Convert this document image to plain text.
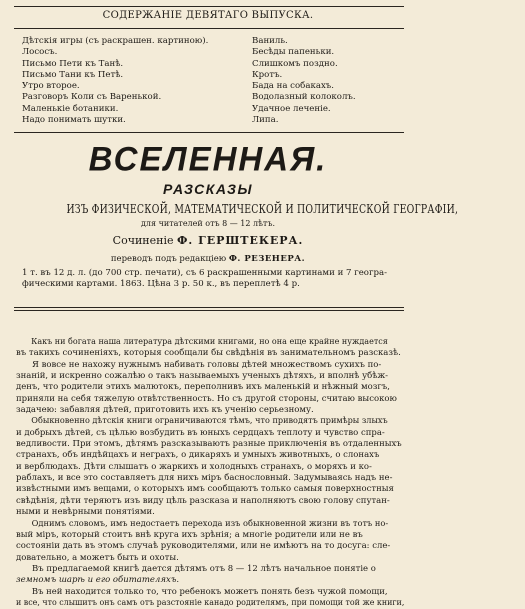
СОДЕРЖАНІЕ ДЕВЯТАГО ВЫПУСКА.
Дѣтскія игры (съ раскрашен. картиною).
Лососъ.
Письмо Пети къ Танѣ.
Письмо Тани къ Петѣ.
Утро второе.
Разговоръ Коли съ Варенькой.
Маленькіе ботаники.
Надо понимать шутки.
Ваниль.
Бесѣды папеньки.
Слишкомъ поздно.
Кротъ.
Бада на собакахъ.
Водолазный колоколъ.
Удачное леченіе.
Липа.
ВСЕЛЕННАЯ.
РАЗСКАЗЫ
ИЗЪ ФИЗИЧЕСКОЙ, МАТЕМАТИЧЕСКОЙ И ПОЛИТИЧЕСКОЙ ГЕОГРАФІИ,
для читателей отъ 8 — 12 лѣтъ.
Сочиненіе Ф. ГЕРШТЕКЕРА.
переводъ подъ редакціею Ф. РЕЗЕНЕРА.
1 т. въ 12 д. л. (до 700 стр. печати), съ 6 раскрашенными картинами и 7 геогра-
фическими картами. 1863. Цѣна 3 р. 50 к., въ переплетѣ 4 р.

Какъ ни богата наша литература дѣтскими книгами, но она еще крайне нуждается

въ такихъ сочиненіяхъ, которыя сообщали бы свѣдѣнія въ занимательномъ разсказѣ.

Я вовсе не нахожу нужнымъ набивать головы дѣтей множествомъ сухихъ по-

знаній, и искренно сожалѣю о такъ называемыхъ ученыхъ дѣтяхъ, и вполнѣ убѣж-

денъ, что родители этихъ малютокъ, переполнивъ ихъ маленькій и нѣжный мозгъ,

приняли на себя тяжелую отвѣтственность. Но съ другой стороны, считаю высокою

задачею: забавляя дѣтей, приготовить ихъ къ ученію серьезному.

Обыкновенно дѣтскія книги ограничиваются тѣмъ, что приводятъ примѣры злыхъ

и добрыхъ дѣтей, съ цѣлью возбудить въ юныхъ сердцахъ теплоту и чувство спра-

ведливости. При этомъ, дѣтямъ разсказываютъ разные приключенія въ отдаленныхъ

странахъ, объ индѣйцахъ и неграхъ, о дикаряхъ и умныхъ животныхъ, о слонахъ

и верблюдахъ. Дѣти слышатъ о жаркихъ и холодныхъ странахъ, о моряхъ и ко-

раблахъ, и все это составляетъ для нихъ міръ баснословный. Задумываясь надъ не-

извѣстными имъ вещами, о которыхъ имъ сообщаютъ только самыя поверхностныя

свѣдѣнія, дѣти теряютъ изъ виду цѣль разсказа и наполняютъ свою голову спутан-

ными и невѣрными понятіями.

Однимъ словомъ, имъ недостаетъ перехода изъ обыкновенной жизни въ тотъ но-

вый міръ, который стоитъ внѣ круга ихъ зрѣнія; а многіе родители или не въ

состояніи дать въ этомъ случаѣ руководителями, или не имѣютъ на то досуга: сле-

довательно, а можетъ быть и охоты.

Въ предлагаемой книгѣ дается дѣтямъ отъ 8 — 12 лѣтъ начальное понятіе о

земномъ шарѣ и его обитателяхъ.

Въ ней находится только то, что ребенокъ можетъ понять безъ чужой помощи,

и все, что слышитъ онъ самъ отъ разстояніе канадо родителямъ, при помощи той же книги,
